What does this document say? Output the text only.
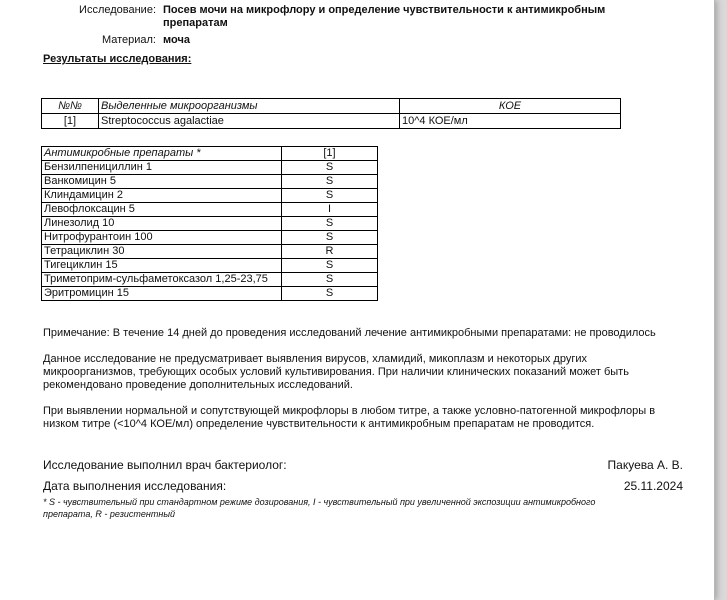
Исследование: Посев мочи на микрофлору и определение чувствительности к антимикробным
препаратам
Материал: моча
Результаты исследования:
№№	Выделенные микроорганизмы	КОЕ
[1]	Streptococcus agalactiae	10^4 КОЕ/мл
Антимикробные препараты *	[1]
Бензилпенициллин 1	S
Ванкомицин 5	S
Клиндамицин 2	S
Левофлоксацин 5	I
Линезолид 10	S
Нитрофурантоин 100	S
Тетрациклин 30	R
Тигециклин 15	S
Триметоприм-сульфаметоксазол 1,25-23,75	S
Эритромицин 15	S
Примечание: В течение 14 дней до проведения исследований лечение антимикробными препаратами: не проводилось
Данное исследование не предусматривает выявления вирусов, хламидий, микоплазм и некоторых других
микроорганизмов, требующих особых условий культивирования. При наличии клинических показаний может быть
рекомендовано проведение дополнительных исследований.
При выявлении нормальной и сопутствующей микрофлоры в любом титре, а также условно-патогенной микрофлоры в
низком титре (<10^4 КОЕ/мл) определение чувствительности к антимикробным препаратам не проводится.
Исследование выполнил врач бактериолог:	Пакуева А. В.
Дата выполнения исследования:	25.11.2024
* S - чувствительный при стандартном режиме дозирования, I - чувствительный при увеличенной экспозиции антимикробного
препарата, R - резистентный
